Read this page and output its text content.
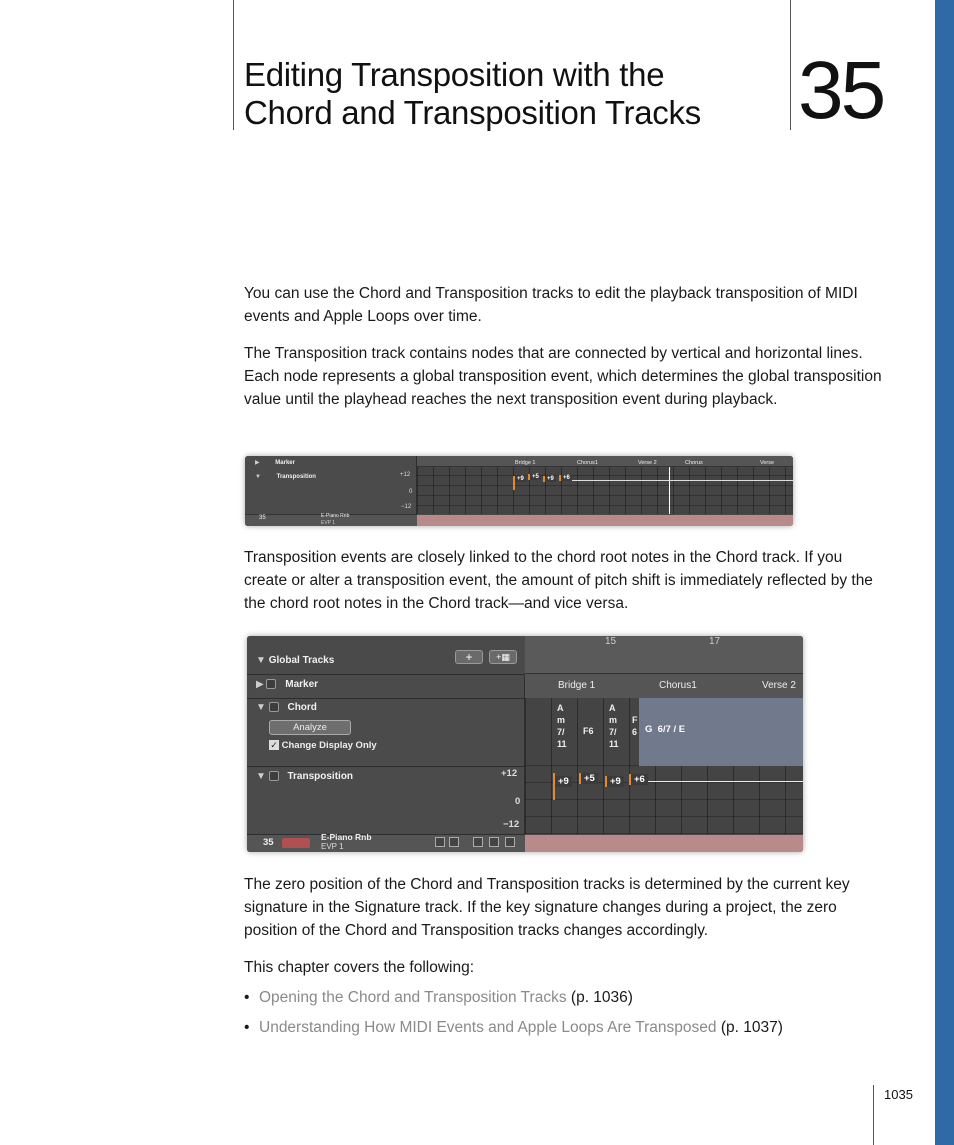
Editing Transposition with the
Chord and Transposition Tracks	35
You can use the Chord and Transposition tracks to edit the playback transposition of MIDI events and Apple Loops over time.
The Transposition track contains nodes that are connected by vertical and horizontal lines. Each node represents a global transposition event, which determines the global transposition value until the playhead reaches the next transposition event during playback.
▶	Marker
▼	Transposition	+12
0
−12
35	E-Piano Rnb
EVP 1
Bridge 1	Chorus1	Verse 2	Chorus	Verse
+9	+5	+9	+6
Transposition events are closely linked to the chord root notes in the Chord track. If you create or alter a transposition event, the amount of pitch shift is immediately reflected by the the chord root notes in the Chord track—and vice versa.
▼ Global Tracks	+	+▦
15	17
▶ Marker	Bridge 1	Chorus1	Verse 2
▼ Chord
Analyze
✓ Change Display Only
A m 7/ 11
F6
A m 7/ 11
F 6 G  6/7 / E
▼ Transposition	+12
0
−12
+9	+5	+9	+6
35	E-Piano Rnb
EVP 1
The zero position of the Chord and Transposition tracks is determined by the current key signature in the Signature track. If the key signature changes during a project, the zero position of the Chord and Transposition tracks changes accordingly.
This chapter covers the following:
• Opening the Chord and Transposition Tracks (p. 1036)
• Understanding How MIDI Events and Apple Loops Are Transposed (p. 1037)
1035
